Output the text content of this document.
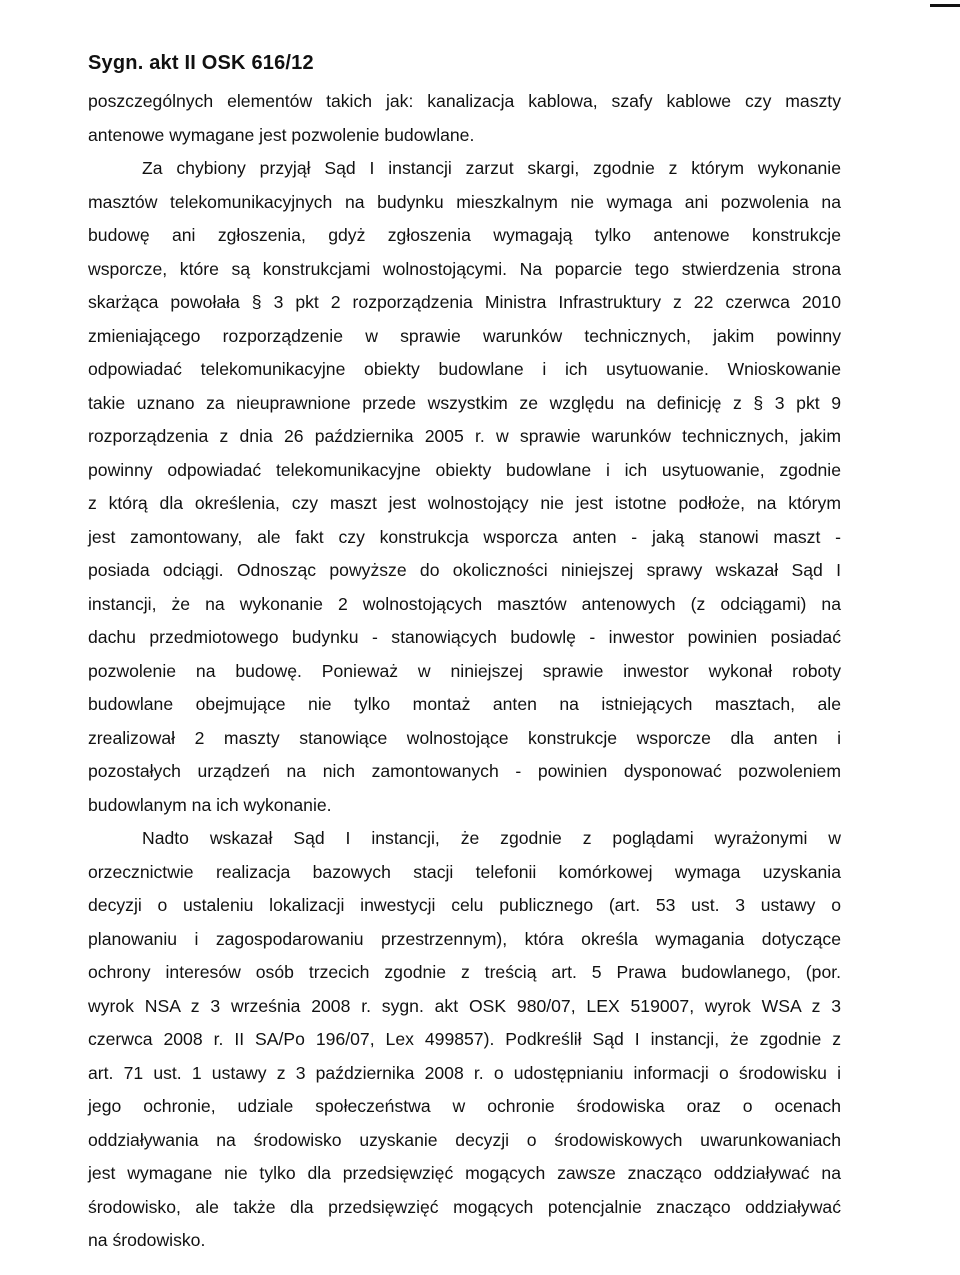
Sygn. akt II OSK 616/12
poszczególnych elementów takich jak: kanalizacja kablowa, szafy kablowe czy maszty
antenowe wymagane jest pozwolenie budowlane.
Za chybiony przyjął Sąd I instancji zarzut skargi, zgodnie z którym wykonanie
masztów telekomunikacyjnych na budynku mieszkalnym nie wymaga ani pozwolenia na
budowę ani zgłoszenia, gdyż zgłoszenia wymagają tylko antenowe konstrukcje
wsporcze, które są konstrukcjami wolnostojącymi. Na poparcie tego stwierdzenia strona
skarżąca powołała § 3 pkt 2 rozporządzenia Ministra Infrastruktury z 22 czerwca 2010
zmieniającego rozporządzenie w sprawie warunków technicznych, jakim powinny
odpowiadać telekomunikacyjne obiekty budowlane i ich usytuowanie. Wnioskowanie
takie uznano za nieuprawnione przede wszystkim ze względu na definicję z § 3 pkt 9
rozporządzenia z dnia 26 października 2005 r. w sprawie warunków technicznych, jakim
powinny odpowiadać telekomunikacyjne obiekty budowlane i ich usytuowanie, zgodnie
z którą dla określenia, czy maszt jest wolnostojący nie jest istotne podłoże, na którym
jest zamontowany, ale fakt czy konstrukcja wsporcza anten - jaką stanowi maszt -
posiada odciągi. Odnosząc powyższe do okoliczności niniejszej sprawy wskazał Sąd I
instancji, że na wykonanie 2 wolnostojących masztów antenowych (z odciągami) na
dachu przedmiotowego budynku - stanowiących budowlę - inwestor powinien posiadać
pozwolenie na budowę. Ponieważ w niniejszej sprawie inwestor wykonał roboty
budowlane obejmujące nie tylko montaż anten na istniejących masztach, ale
zrealizował 2 maszty stanowiące wolnostojące konstrukcje wsporcze dla anten i
pozostałych urządzeń na nich zamontowanych - powinien dysponować pozwoleniem
budowlanym na ich wykonanie.
Nadto wskazał Sąd I instancji, że zgodnie z poglądami wyrażonymi w
orzecznictwie realizacja bazowych stacji telefonii komórkowej wymaga uzyskania
decyzji o ustaleniu lokalizacji inwestycji celu publicznego (art. 53 ust. 3 ustawy o
planowaniu i zagospodarowaniu przestrzennym), która określa wymagania dotyczące
ochrony interesów osób trzecich zgodnie z treścią art. 5 Prawa budowlanego, (por.
wyrok NSA z 3 września 2008 r. sygn. akt OSK 980/07, LEX 519007, wyrok WSA z 3
czerwca 2008 r. II SA/Po 196/07, Lex 499857). Podkreślił Sąd I instancji, że zgodnie z
art. 71 ust. 1 ustawy z 3 października 2008 r. o udostępnianiu informacji o środowisku i
jego ochronie, udziale społeczeństwa w ochronie środowiska oraz o ocenach
oddziaływania na środowisko uzyskanie decyzji o środowiskowych uwarunkowaniach
jest wymagane nie tylko dla przedsięwzięć mogących zawsze znacząco oddziaływać na
środowisko, ale także dla przedsięwzięć mogących potencjalnie znacząco oddziaływać
na środowisko.
